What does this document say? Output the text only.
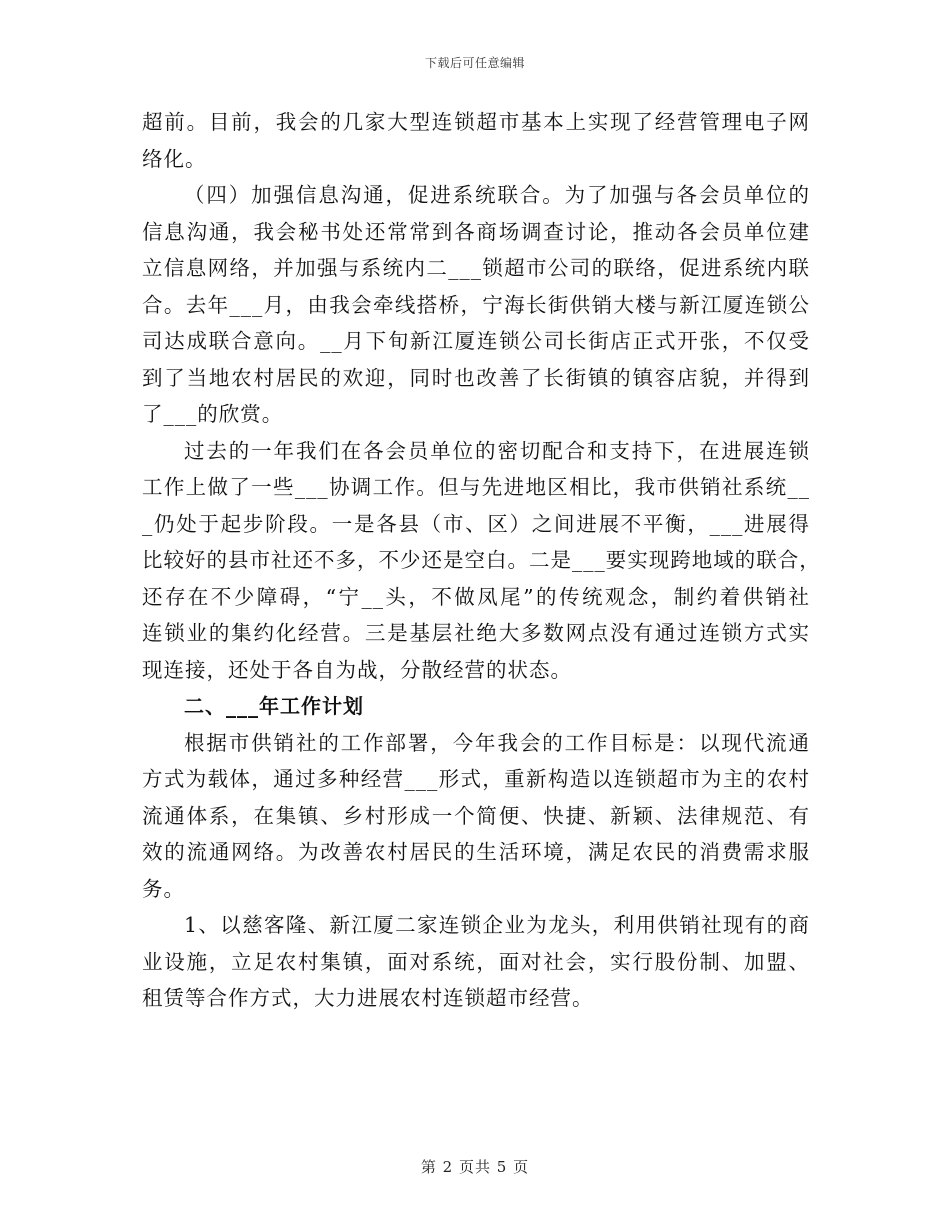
下载后可任意编辑
超前。目前，我会的几家大型连锁超市基本上实现了经营管理电子网
络化。
（四）加强信息沟通，促进系统联合。为了加强与各会员单位的
信息沟通，我会秘书处还常常到各商场调查讨论，推动各会员单位建
立信息网络，并加强与系统内二___锁超市公司的联络，促进系统内联
合。去年___月，由我会牵线搭桥，宁海长街供销大楼与新江厦连锁公
司达成联合意向。__月下旬新江厦连锁公司长街店正式开张，不仅受
到了当地农村居民的欢迎，同时也改善了长街镇的镇容店貌，并得到
了___的欣赏。
过去的一年我们在各会员单位的密切配合和支持下，在进展连锁
工作上做了一些___协调工作。但与先进地区相比，我市供销社系统__
_仍处于起步阶段。一是各县（市、区）之间进展不平衡，___进展得
比较好的县市社还不多，不少还是空白。二是___要实现跨地域的联合，
还存在不少障碍，“宁__头，不做凤尾”的传统观念，制约着供销社
连锁业的集约化经营。三是基层社绝大多数网点没有通过连锁方式实
现连接，还处于各自为战，分散经营的状态。
二、___年工作计划
根据市供销社的工作部署，今年我会的工作目标是：以现代流通
方式为载体，通过多种经营___形式，重新构造以连锁超市为主的农村
流通体系，在集镇、乡村形成一个简便、快捷、新颖、法律规范、有
效的流通网络。为改善农村居民的生活环境，满足农民的消费需求服
务。
1、以慈客隆、新江厦二家连锁企业为龙头，利用供销社现有的商
业设施，立足农村集镇，面对系统，面对社会，实行股份制、加盟、
租赁等合作方式，大力进展农村连锁超市经营。
第 2 页共 5 页
